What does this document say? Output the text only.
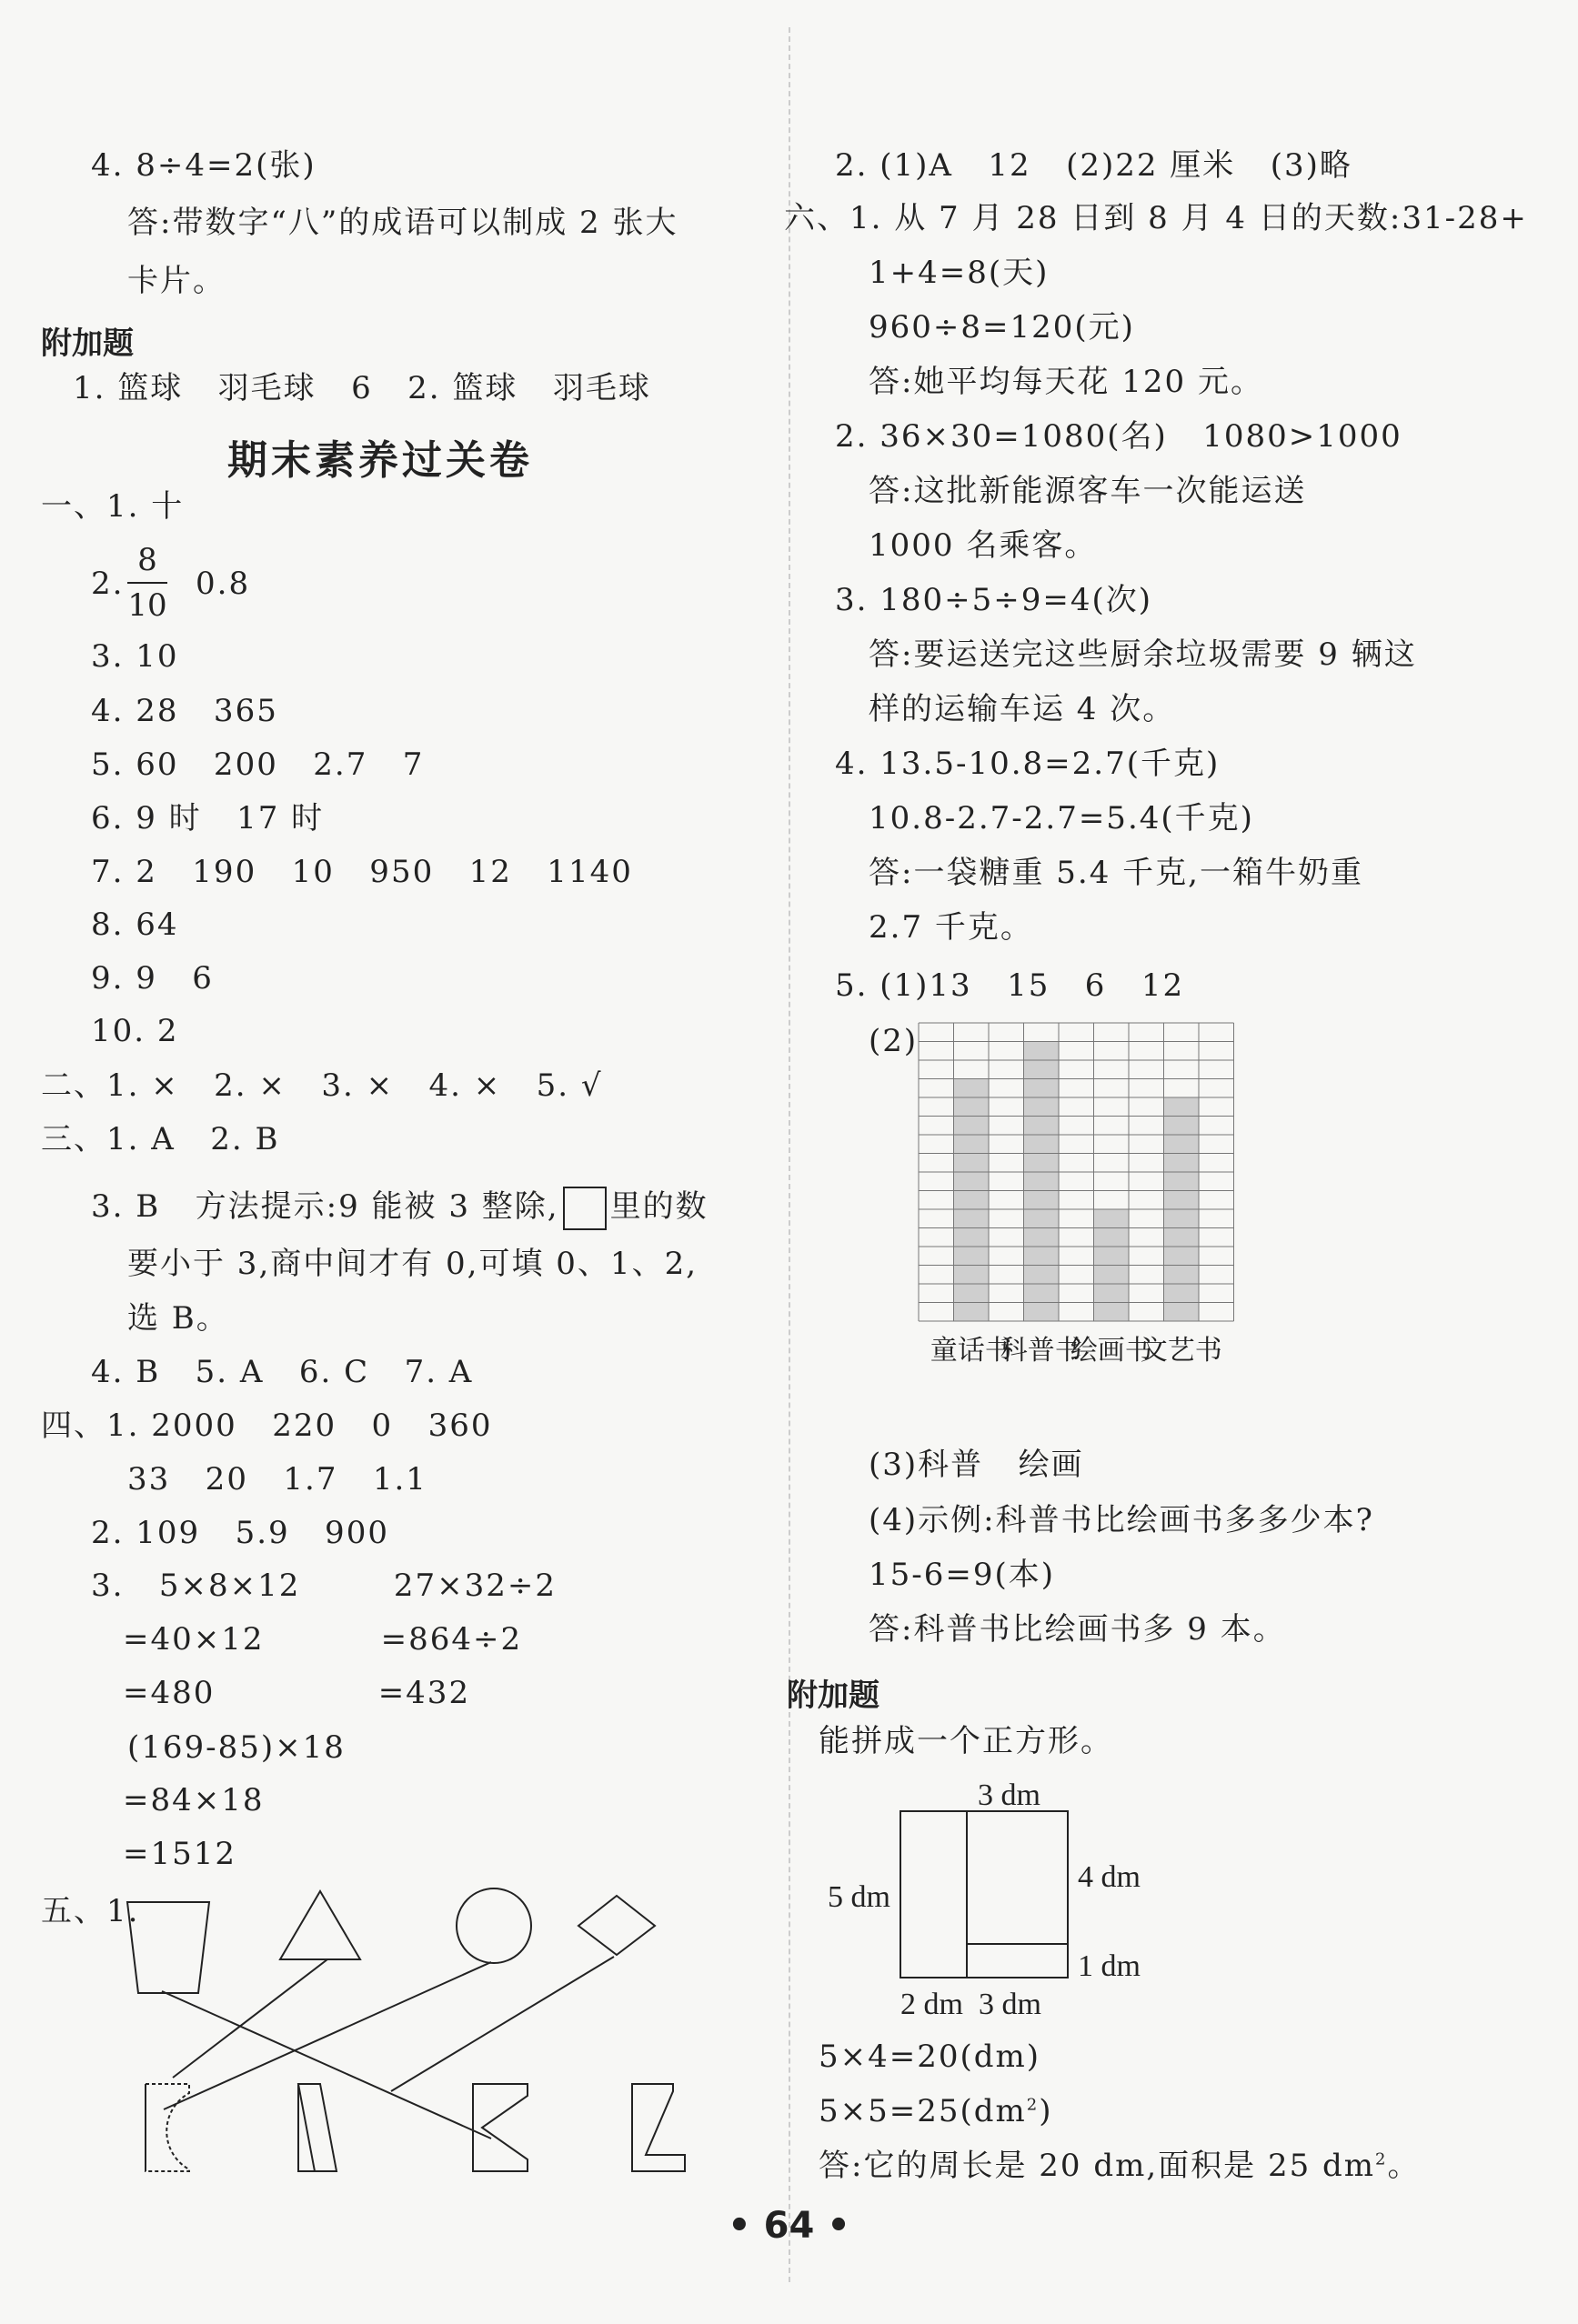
4. 8÷4=2(张)
答:带数字“八”的成语可以制成 2 张大
卡片。
附加题
1. 篮球   羽毛球   6   2. 篮球   羽毛球
期末素养过关卷
一、1. 十
2.
8
10
0.8
3. 10
4. 28   365
5. 60   200   2.7   7
6. 9 时   17 时
7. 2   190   10   950   12   1140
8. 64
9. 9   6
10. 2
二、1. ×   2. ×   3. ×   4. ×   5. √
三、1. A   2. B
3. B   方法提示:9 能被 3 整除, 里的数
要小于 3,商中间才有 0,可填 0、1、2,
选 B。
4. B   5. A   6. C   7. A
四、1. 2000   220   0   360
33   20   1.7   1.1
2. 109   5.9   900
3.   5×8×12        27×32÷2
=40×12          =864÷2
=480              =432
(169-85)×18
=84×18
=1512
五、1.
2. (1)A   12   (2)22 厘米   (3)略
六、1. 从 7 月 28 日到 8 月 4 日的天数:31-28+
1+4=8(天)
960÷8=120(元)
答:她平均每天花 120 元。
2. 36×30=1080(名)   1080>1000
答:这批新能源客车一次能运送
1000 名乘客。
3. 180÷5÷9=4(次)
答:要运送完这些厨余垃圾需要 9 辆这
样的运输车运 4 次。
4. 13.5-10.8=2.7(千克)
10.8-2.7-2.7=5.4(千克)
答:一袋糖重 5.4 千克,一箱牛奶重
2.7 千克。
5. (1)13   15   6   12
(2)
童话书
科普书
绘画书
文艺书
(3)科普   绘画
(4)示例:科普书比绘画书多多少本?
15-6=9(本)
答:科普书比绘画书多 9 本。
附加题
能拼成一个正方形。
3 dm
5 dm
4 dm
1 dm
2 dm  3 dm
5×4=20(dm)
$5\times 5=25(dm^2)$
答:它的周长是 20 dm,面积是 25 $dm^2$。
• 64 •
